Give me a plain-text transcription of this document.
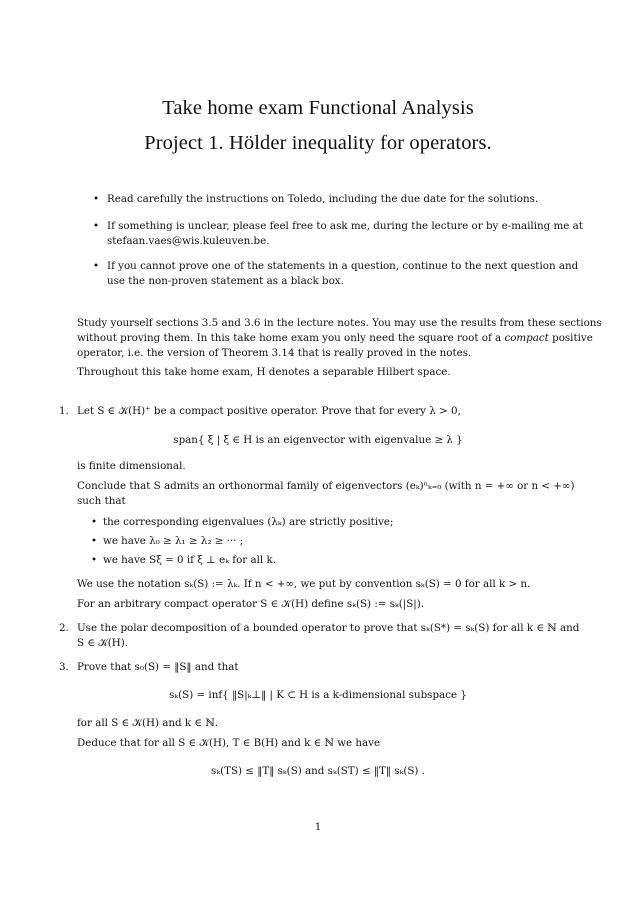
Take home exam Functional Analysis
Project 1. Hölder inequality for operators.
• Read carefully the instructions on Toledo, including the due date for the solutions.
• If something is unclear, please feel free to ask me, during the lecture or by e-mailing me at
stefaan.vaes@wis.kuleuven.be.
• If you cannot prove one of the statements in a question, continue to the next question and
use the non-proven statement as a black box.
Study yourself sections 3.5 and 3.6 in the lecture notes. You may use the results from these sections
without proving them. In this take home exam you only need the square root of a compact positive
operator, i.e. the version of Theorem 3.14 that is really proved in the notes.
Throughout this take home exam, H denotes a separable Hilbert space.
1. Let S ∈ 𝒦(H)⁺ be a compact positive operator. Prove that for every λ > 0,
span{ ξ | ξ ∈ H is an eigenvector with eigenvalue ≥ λ }
is finite dimensional.
Conclude that S admits an orthonormal family of eigenvectors (eₖ)ⁿₖ₌₀ (with n = +∞ or n < +∞)
such that
• the corresponding eigenvalues (λₖ) are strictly positive;
• we have λ₀ ≥ λ₁ ≥ λ₂ ≥ ··· ;
• we have Sξ = 0 if ξ ⊥ eₖ for all k.
We use the notation sₖ(S) := λₖ. If n < +∞, we put by convention sₖ(S) = 0 for all k > n.
For an arbitrary compact operator S ∈ 𝒦(H) define sₖ(S) := sₖ(|S|).
2. Use the polar decomposition of a bounded operator to prove that sₖ(S*) = sₖ(S) for all k ∈ ℕ and
S ∈ 𝒦(H).
3. Prove that s₀(S) = ‖S‖ and that
sₖ(S) = inf{ ‖S|ₖ⊥‖ | K ⊂ H is a k-dimensional subspace }
for all S ∈ 𝒦(H) and k ∈ ℕ.
Deduce that for all S ∈ 𝒦(H), T ∈ B(H) and k ∈ ℕ we have
sₖ(TS) ≤ ‖T‖ sₖ(S) and sₖ(ST) ≤ ‖T‖ sₖ(S) .
1
